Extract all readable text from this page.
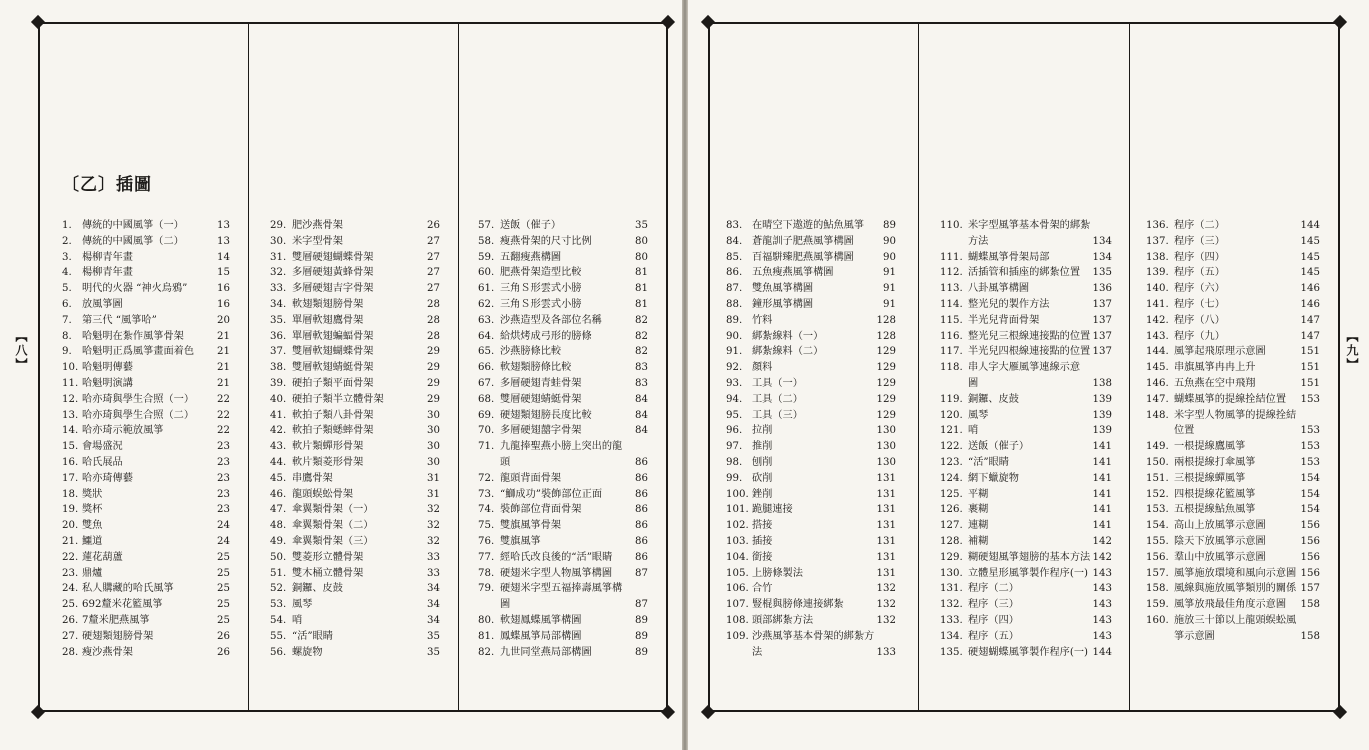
【八】	【九】
〔乙〕插圖
1. 傳統的中國風箏（一）	13
2. 傳統的中國風箏（二）	13
3. 楊柳青年畫	14
4. 楊柳青年畫	15
5. 明代的火器 “神火烏鴉”	16
6. 放風箏圖	16
7. 第三代 “風箏哈”	20
8. 哈魁明在紮作風箏骨架	21
9. 哈魁明正爲風箏畫面着色 21
10. 哈魁明傳藝	21
11. 哈魁明演講	21
12. 哈亦琦與學生合照（一） 22
13. 哈亦琦與學生合照（二） 22
14. 哈亦琦示範放風箏	22
15. 會場盛況	23
16. 哈氏展品	23
17. 哈亦琦傳藝	23
18. 獎狀	23
19. 獎杯	23
20. 雙魚	24
21. 鱷道	24
22. 蓮花葫蘆	25
23. 鼎爐	25
24. 私人購藏的哈氏風箏	25
25. 692釐米花籃風箏	25
26. 7釐米肥燕風箏	25
27. 硬翅類翅膀骨架	26
28. 瘦沙燕骨架	26
29. 肥沙燕骨架	26
30. 米字型骨架	27
31. 雙層硬翅蝴蝶骨架	27
32. 多層硬翅黃蜂骨架	27
33. 多層硬翅吉字骨架	27
34. 軟翅類翅膀骨架	28
35. 單層軟翅鷹骨架	28
36. 單層軟翅蝙蝠骨架	28
37. 雙層軟翅蝴蝶骨架	29
38. 雙層軟翅蜻蜓骨架	29
39. 硬拍子類平面骨架	29
40. 硬拍子類半立體骨架	29
41. 軟拍子類八卦骨架	30
42. 軟拍子類蟋蟀骨架	30
43. 軟片類蟬形骨架	30
44. 軟片類菱形骨架	30
45. 串鷹骨架	31
46. 龍頭蜈蚣骨架	31
47. 傘翼類骨架（一）	32
48. 傘翼類骨架（二）	32
49. 傘翼類骨架（三）	32
50. 雙菱形立體骨架	33
51. 雙木桶立體骨架	33
52. 銅鑼、皮鼓	34
53. 風琴	34
54. 哨	34
55. “活”眼睛	35
56. 螺旋物	35
57. 送飯（催子）	35
58. 瘦燕骨架的尺寸比例	80
59. 五翻瘦燕構圖	80
60. 肥燕骨架造型比較	81
61. 三角Ｓ形雲式小膀	81
62. 三角Ｓ形雲式小膀	81
63. 沙燕造型及各部位名稱	82
64. 給烘烤成弓形的膀條	82
65. 沙燕膀條比較	82
66. 軟翅類膀條比較	83
67. 多層硬翅青蛙骨架	83
68. 雙層硬翅蜻蜓骨架	84
69. 硬翅類翅膀長度比較	84
70. 多層硬翅囍字骨架	84
71. 九龍捧聖燕小膀上突出的龍
頭	86
72. 龍頭背面骨架	86
73. “鰤成功”裝飾部位正面	86
74. 裝飾部位背面骨架	86
75. 雙旗風箏骨架	86
76. 雙旗風箏	86
77. 經哈氏改良後的“活”眼睛 86
78. 硬翅米字型人物風箏構圖 87
79. 硬翅米字型五福捧壽風箏構
圖	87
80. 軟翅鳳蝶風箏構圖	89
81. 鳳蝶風箏局部構圖	89
82. 九世同堂燕局部構圖	89
83. 在晴空下遨遊的鮎魚風箏 89
84. 蒼龍訓子肥燕風箏構圖	90
85. 百福駢臻肥燕風箏構圖	90
86. 五魚瘦燕風箏構圖	91
87. 雙魚風箏構圖	91
88. 鐘形風箏構圖	91
89. 竹料	128
90. 綁紮線料（一）	128
91. 綁紮線料（二）	129
92. 顏料	129
93. 工具（一）	129
94. 工具（二）	129
95. 工具（三）	129
96. 拉削	130
97. 推削	130
98. 刨削	130
99. 砍削	131
100. 銼削	131
101. 跪腿連接	131
102. 搭接	131
103. 插接	131
104. 銜接	131
105. 上膀條製法	131
106. 合竹	132
107. 豎棍與膀條連接綁紮	132
108. 頭部綁紮方法	132
109. 沙燕風箏基本骨架的綁紮方
法	133
110. 米字型風箏基本骨架的綁紮
方法	134
111. 蝴蝶風箏骨架局部	134
112. 活插管和插座的綁紮位置 135
113. 八卦風箏構圖	136
114. 整光兒的製作方法	137
115. 半光兒背面骨架	137
116. 整光兒三根線連接點的位置 137
117. 半光兒四根線連接點的位置 137
118. 串人字大雁風箏連線示意
圖	138
119. 銅鑼、皮鼓	139
120. 風琴	139
121. 哨	139
122. 送飯（催子）	141
123. “活”眼睛	141
124. 網下蠟旋物	141
125. 平糊	141
126. 裹糊	141
127. 連糊	141
128. 補糊	142
129. 糊硬翅風箏翅膀的基本方法 142
130. 立體星形風箏製作程序(一) 143
131. 程序（二）	143
132. 程序（三）	143
133. 程序（四）	143
134. 程序（五）	143
135. 硬翅蝴蝶風箏製作程序(一) 144
136. 程序（二）	144
137. 程序（三）	145
138. 程序（四）	145
139. 程序（五）	145
140. 程序（六）	146
141. 程序（七）	146
142. 程序（八）	147
143. 程序（九）	147
144. 風箏起飛原理示意圖	151
145. 串旗風箏冉冉上升	151
146. 五魚燕在空中飛翔	151
147. 蝴蝶風箏的提線拴結位置 153
148. 米字型人物風箏的提線拴結
位置	153
149. 一根提線鷹風箏	153
150. 兩根提線打傘風箏	153
151. 三根提線蟬風箏	154
152. 四根提線花籃風箏	154
153. 五根提線鮎魚風箏	154
154. 高山上放風箏示意圖	156
155. 陰天下放風箏示意圖	156
156. 羣山中放風箏示意圖	156
157. 風箏施放環境和風向示意圖 156
158. 風線與施放風箏類別的關係 157
159. 風箏放飛最佳角度示意圖 158
160. 施放三十節以上龍頭蜈蚣風
箏示意圖	158
